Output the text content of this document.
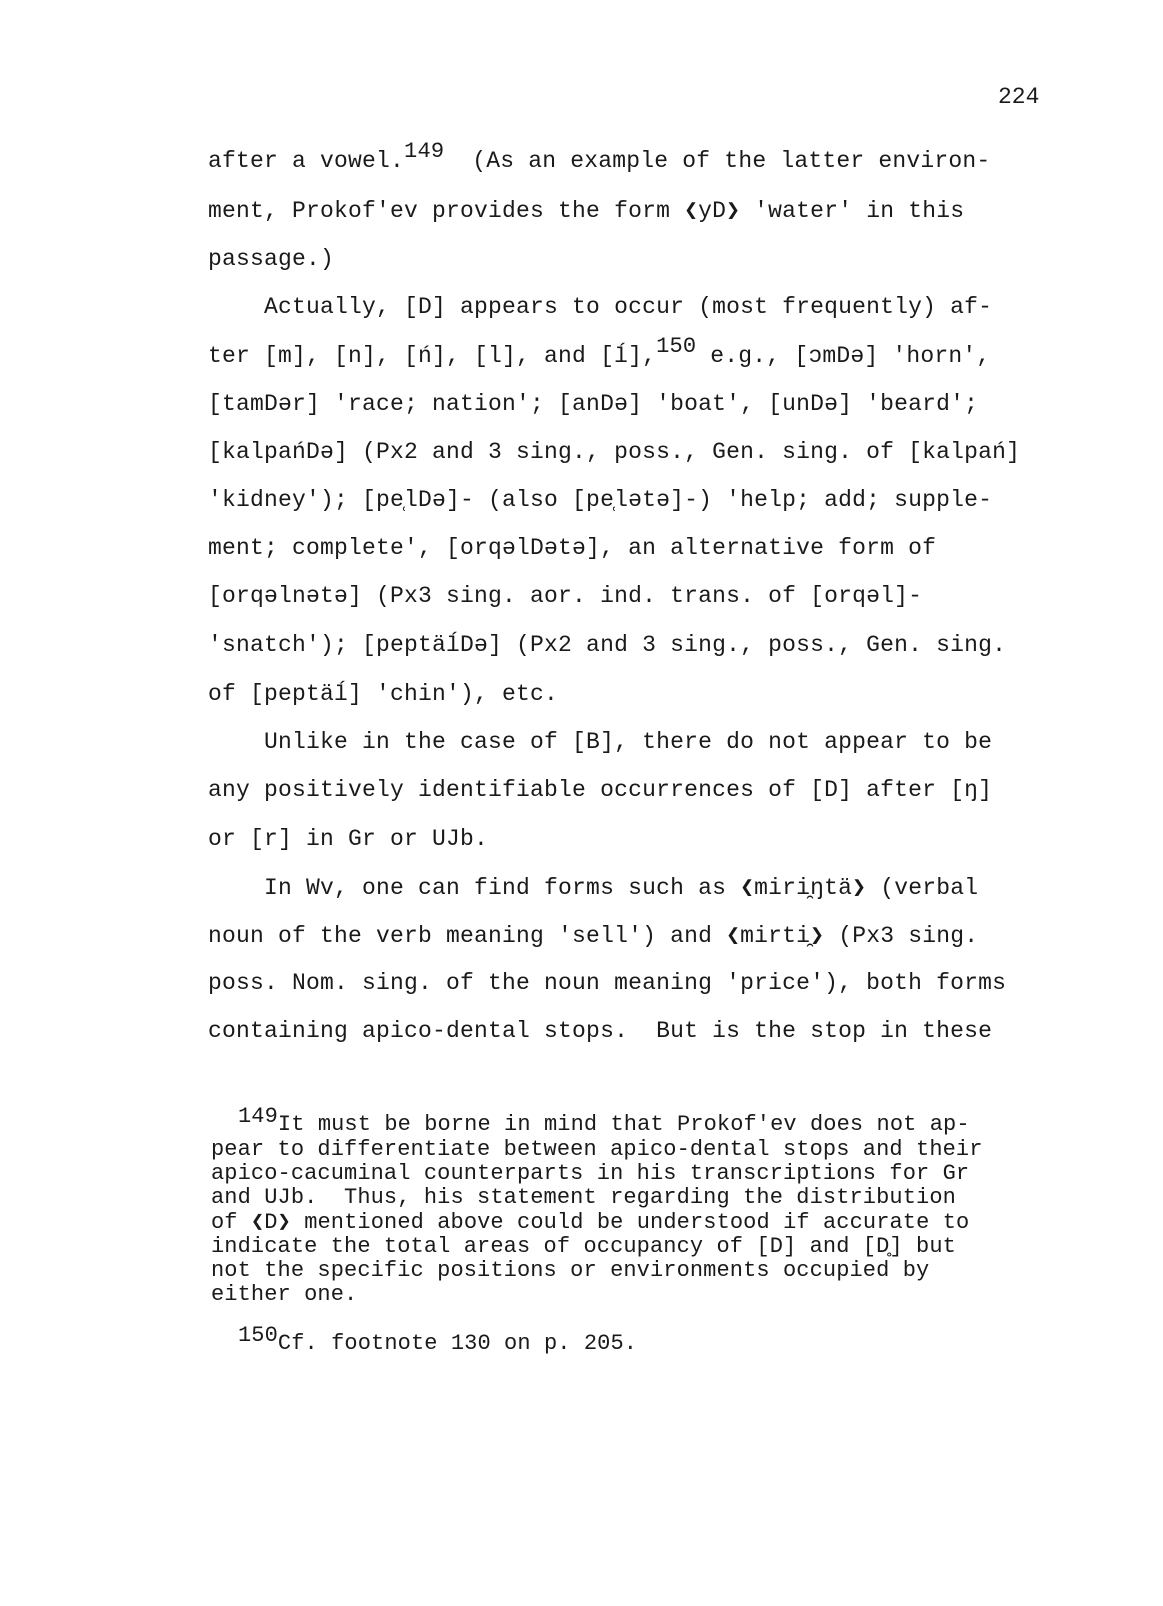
224
after a vowel.$^{149}$  (As an example of the latter environ-
ment, Prokof'ev provides the form ❮yD❯ 'water' in this
passage.)
Actually, [D] appears to occur (most frequently) af-
ter [m], [n], [ń], [l], and [ĺ],$^{150}$ e.g., [ɔmDə] 'horn',
[tamDər] 'race; nation'; [anDə] 'boat', [unDə] 'beard';
[kalpańDə] (Px2 and 3 sing., poss., Gen. sing. of [kalpań]
'kidney'); [pe̜lDə]- (also [pe̜lətə]-) 'help; add; supple-
ment; complete', [orqəlDətə], an alternative form of
[orqəlnətə] (Px3 sing. aor. ind. trans. of [orqəl]-
'snatch'); [peptäĺDə] (Px2 and 3 sing., poss., Gen. sing.
of [peptäĺ] 'chin'), etc.
Unlike in the case of [B], there do not appear to be
any positively identifiable occurrences of [D] after [ŋ]
or [r] in Gr or UJb.
In Wv, one can find forms such as ❮miri̯ŋtä❯ (verbal
noun of the verb meaning 'sell') and ❮mirti̯❯ (Px3 sing.
poss. Nom. sing. of the noun meaning 'price'), both forms
containing apico-dental stops.  But is the stop in these
149It must be borne in mind that Prokof'ev does not ap-
pear to differentiate between apico-dental stops and their
apico-cacuminal counterparts in his transcriptions for Gr
and UJb.  Thus, his statement regarding the distribution
of ❮D❯ mentioned above could be understood if accurate to
indicate the total areas of occupancy of [D] and [D̥] but
not the specific positions or environments occupied by
either one.
150Cf. footnote 130 on p. 205.
